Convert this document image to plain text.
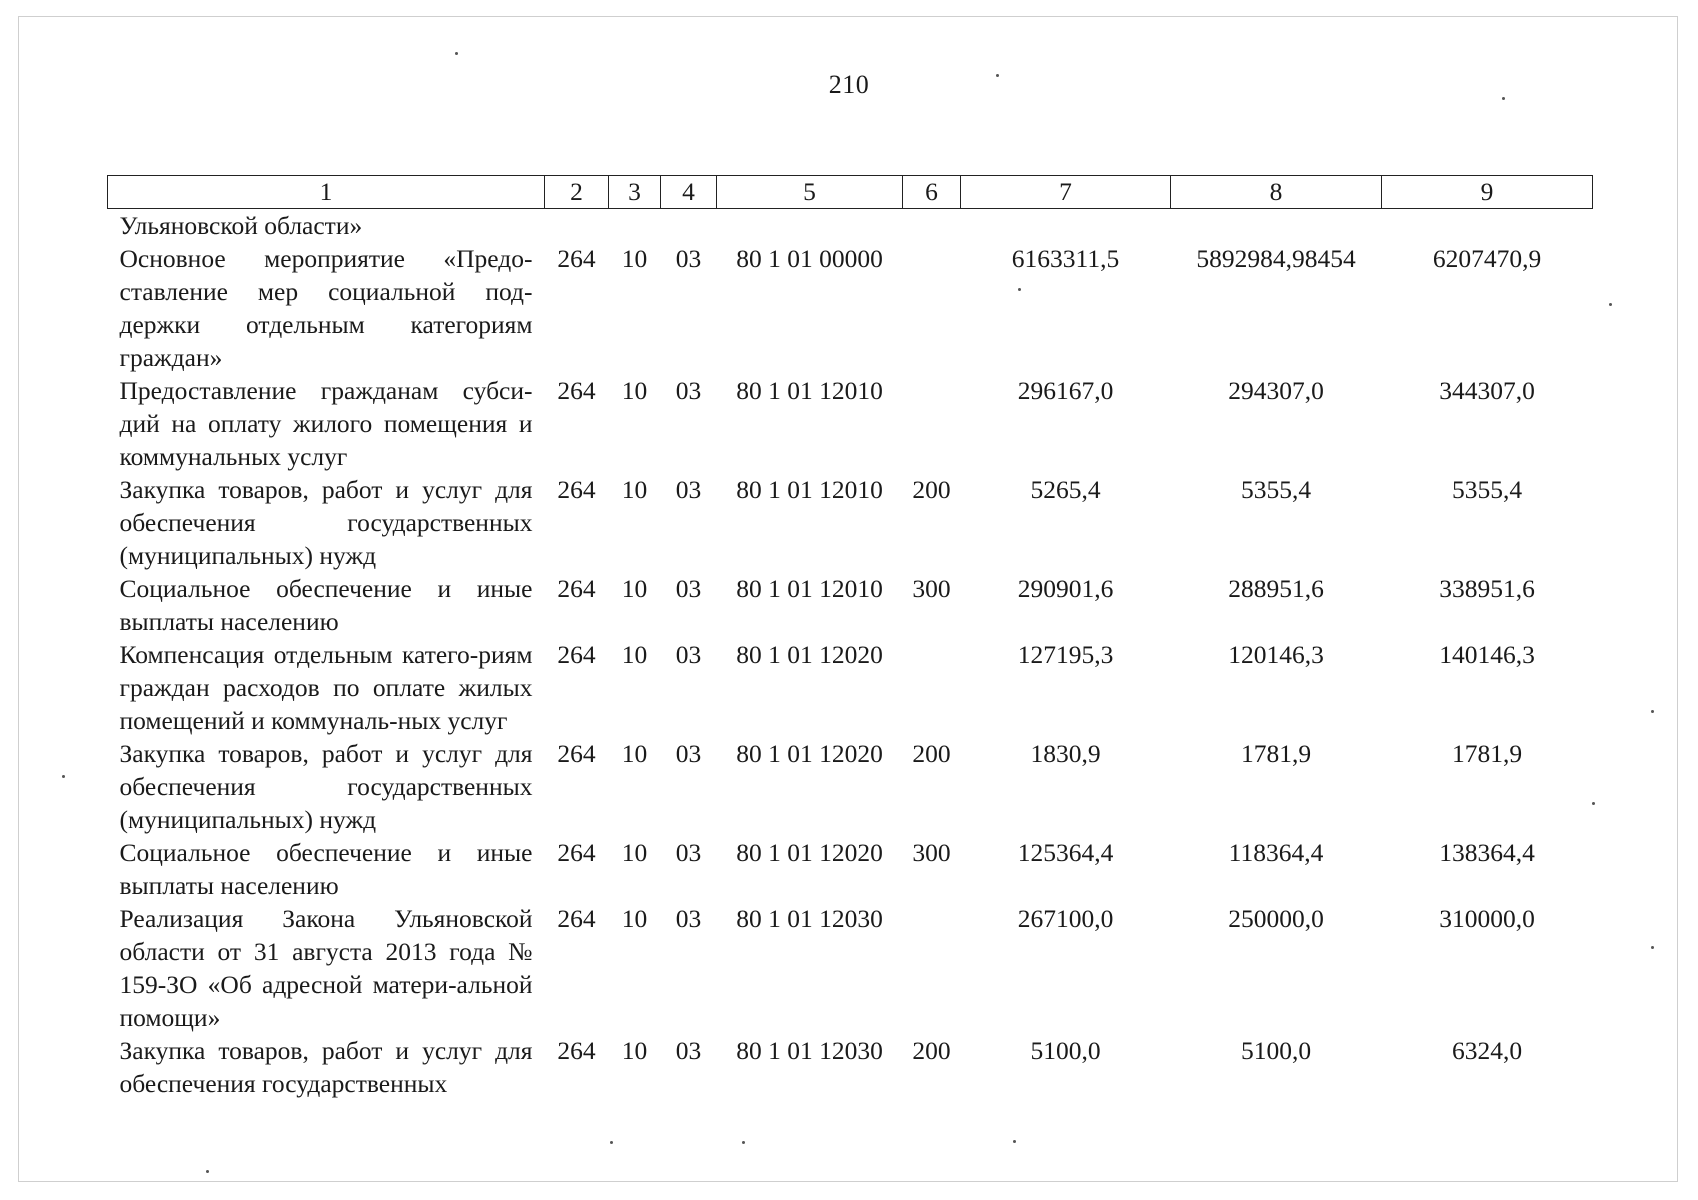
210
1	2	3	4	5	6	7	8	9
Ульяновской области»								
Основное мероприятие «Предо-ставление мер социальной под-держки отдельным категориям граждан»	264	10	03	80 1 01 00000		6163311,5	5892984,98454	6207470,9
Предоставление гражданам субси-дий на оплату жилого помещения и коммунальных услуг	264	10	03	80 1 01 12010		296167,0	294307,0	344307,0
Закупка товаров, работ и услуг для обеспечения государственных (муниципальных) нужд	264	10	03	80 1 01 12010	200	5265,4	5355,4	5355,4
Социальное обеспечение и иные выплаты населению	264	10	03	80 1 01 12010	300	290901,6	288951,6	338951,6
Компенсация отдельным катего-риям граждан расходов по оплате жилых помещений и коммуналь-ных услуг	264	10	03	80 1 01 12020		127195,3	120146,3	140146,3
Закупка товаров, работ и услуг для обеспечения государственных (муниципальных) нужд	264	10	03	80 1 01 12020	200	1830,9	1781,9	1781,9
Социальное обеспечение и иные выплаты населению	264	10	03	80 1 01 12020	300	125364,4	118364,4	138364,4
Реализация Закона Ульяновской области от 31 августа 2013 года № 159-ЗО «Об адресной матери-альной помощи»	264	10	03	80 1 01 12030		267100,0	250000,0	310000,0
Закупка товаров, работ и услуг для обеспечения государственных	264	10	03	80 1 01 12030	200	5100,0	5100,0	6324,0
